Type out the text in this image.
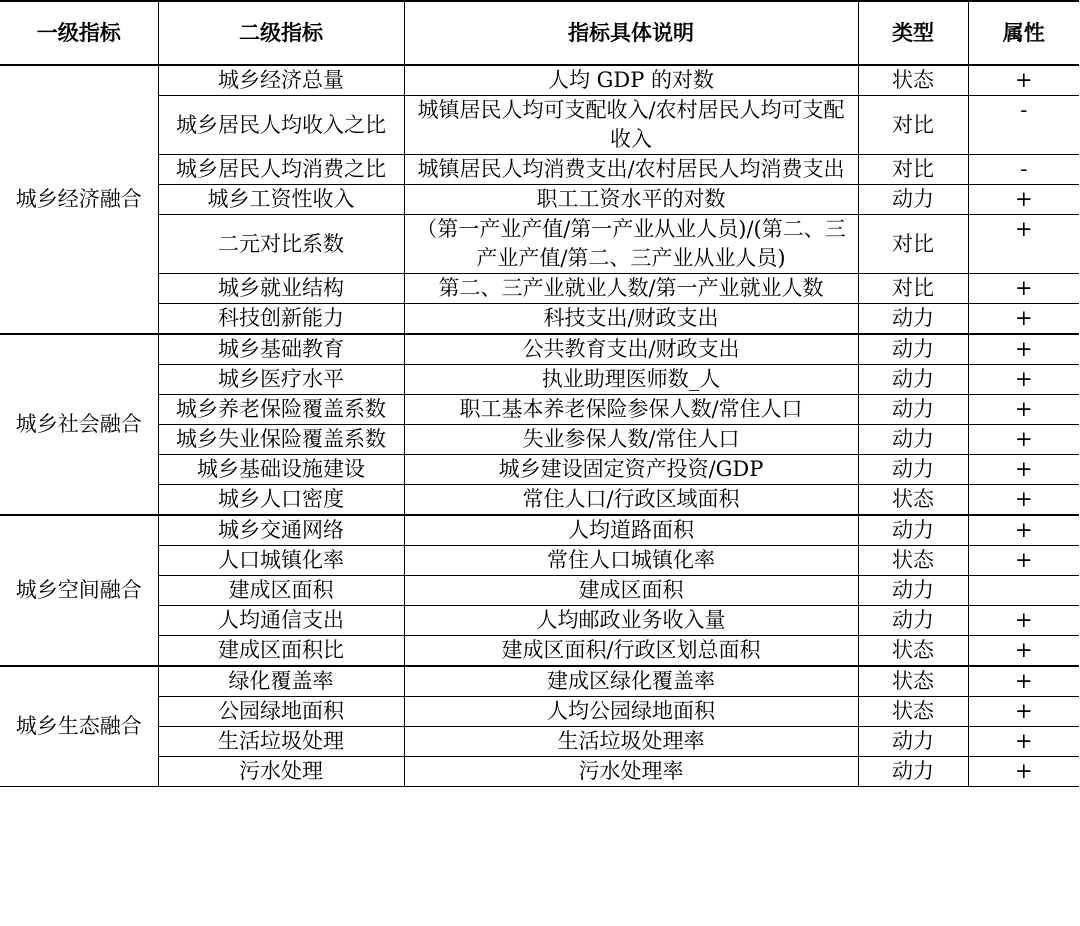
一级指标	二级指标	指标具体说明	类型	属性
城乡经济融合	城乡经济总量	人均 GDP 的对数	状态	+
	城乡居民人均收入之比	城镇居民人均可支配收入/农村居民人均可支配收入	对比	-
	城乡居民人均消费之比	城镇居民人均消费支出/农村居民人均消费支出	对比	-
	城乡工资性收入	职工工资水平的对数	动力	+
	二元对比系数	（第一产业产值/第一产业从业人员)/(第二、三产业产值/第二、三产业从业人员)	对比	+
	城乡就业结构	第二、三产业就业人数/第一产业就业人数	对比	+
	科技创新能力	科技支出/财政支出	动力	+
城乡社会融合	城乡基础教育	公共教育支出/财政支出	动力	+
	城乡医疗水平	执业助理医师数_人	动力	+
	城乡养老保险覆盖系数	职工基本养老保险参保人数/常住人口	动力	+
	城乡失业保险覆盖系数	失业参保人数/常住人口	动力	+
	城乡基础设施建设	城乡建设固定资产投资/GDP	动力	+
	城乡人口密度	常住人口/行政区域面积	状态	+
城乡空间融合	城乡交通网络	人均道路面积	动力	+
	人口城镇化率	常住人口城镇化率	状态	+
	建成区面积	建成区面积	动力	
	人均通信支出	人均邮政业务收入量	动力	+
	建成区面积比	建成区面积/行政区划总面积	状态	+
城乡生态融合	绿化覆盖率	建成区绿化覆盖率	状态	+
	公园绿地面积	人均公园绿地面积	状态	+
	生活垃圾处理	生活垃圾处理率	动力	+
	污水处理	污水处理率	动力	+
